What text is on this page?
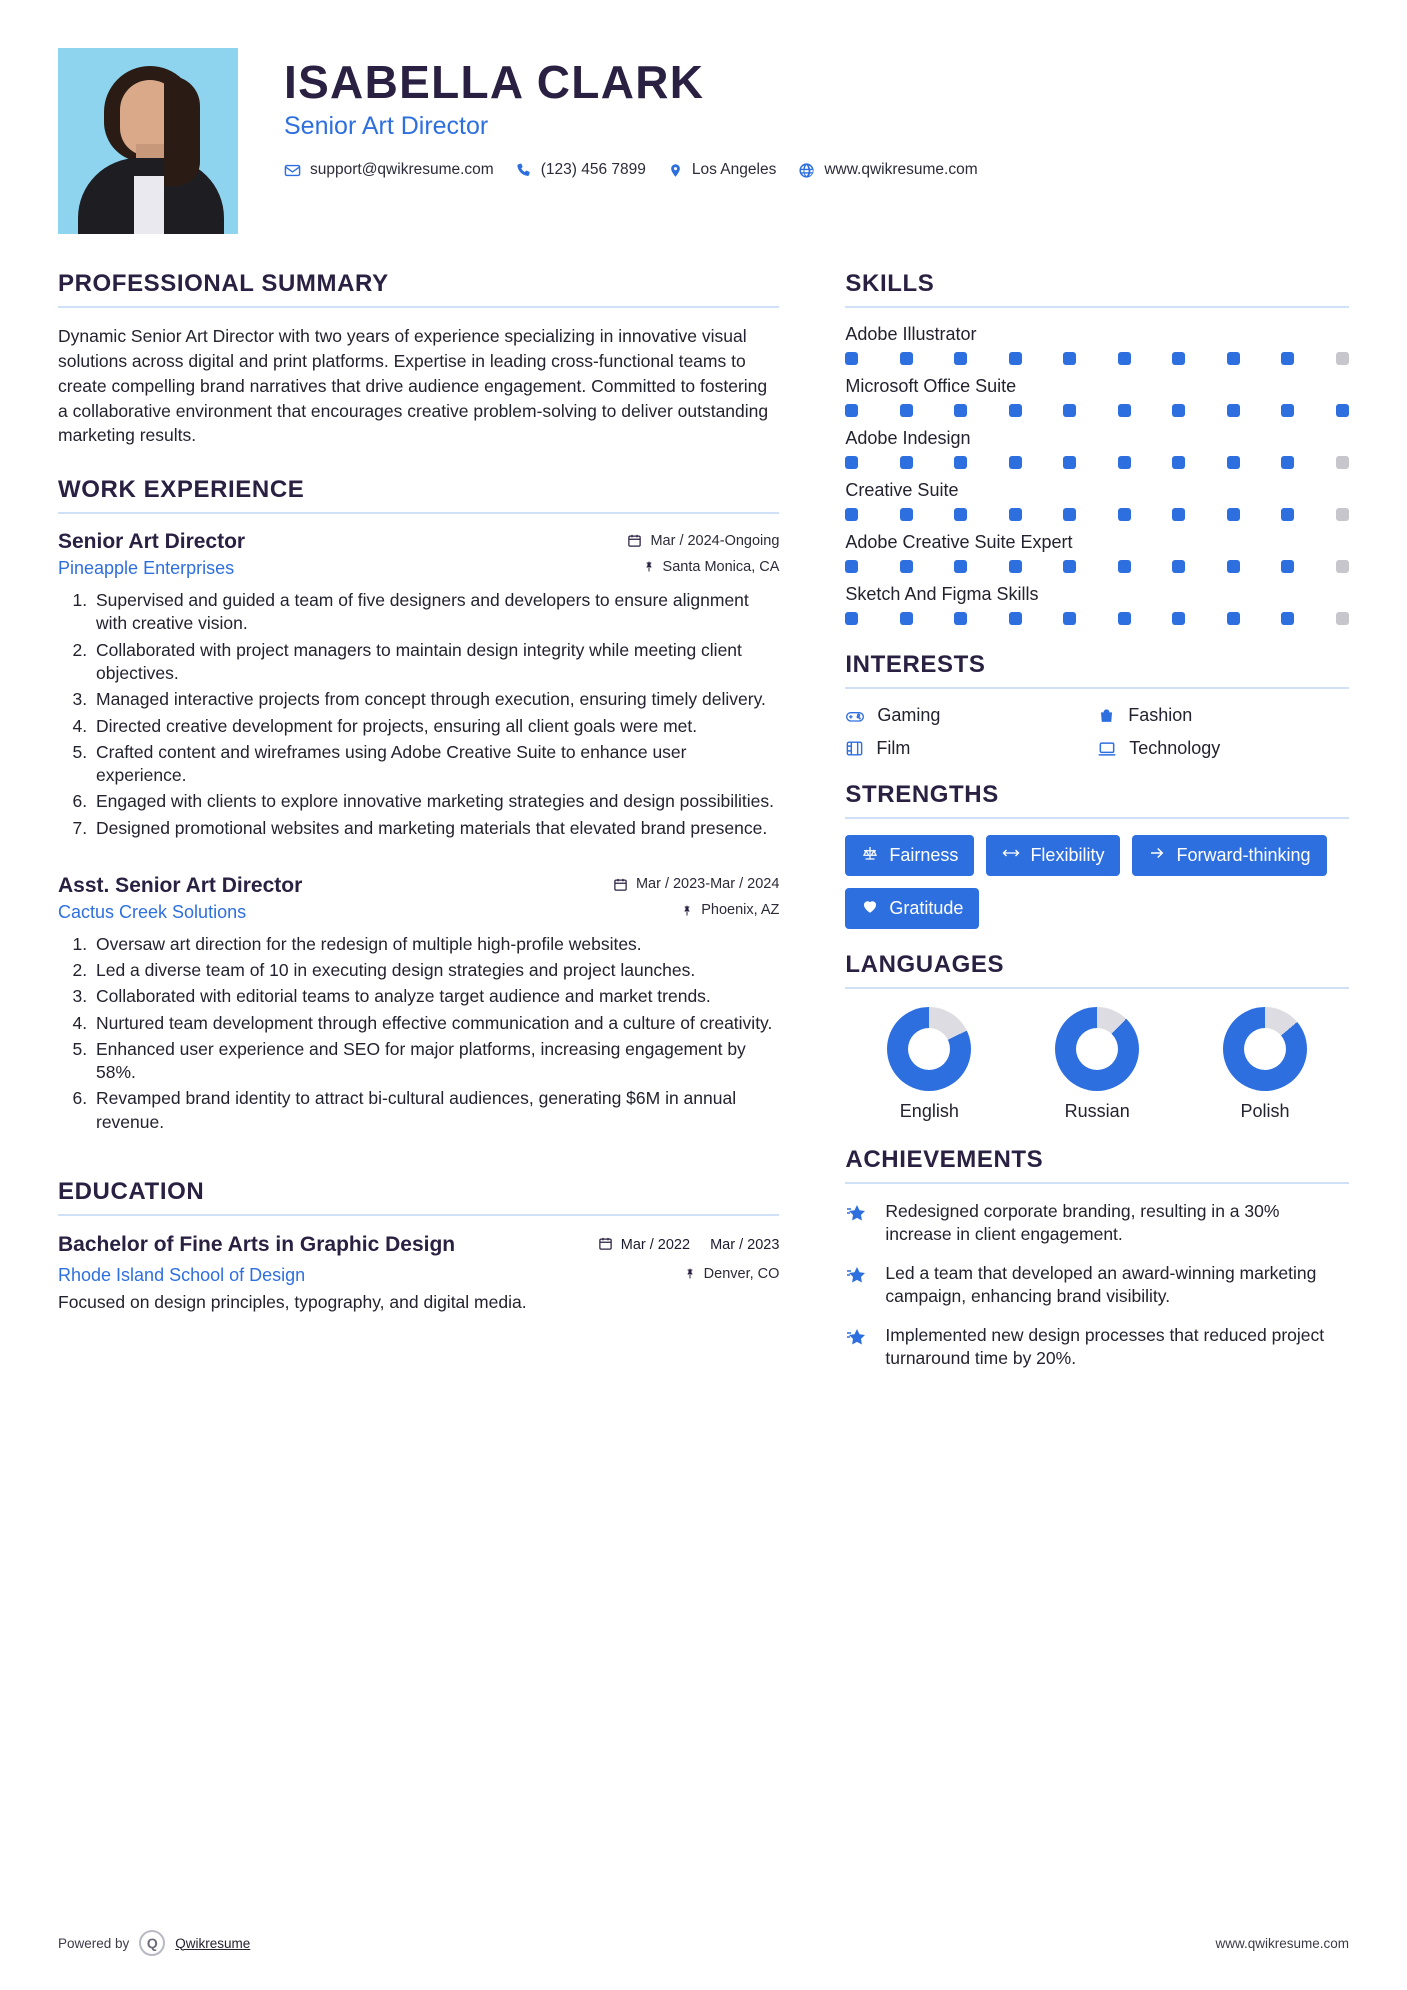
ISABELLA CLARK
Senior Art Director
support@qwikresume.com	(123) 456 7899	Los Angeles	www.qwikresume.com
PROFESSIONAL SUMMARY

Dynamic Senior Art Director with two years of experience specializing in innovative visual solutions across digital and print platforms. Expertise in leading cross-functional teams to create compelling brand narratives that drive audience engagement. Committed to fostering a collaborative environment that encourages creative problem-solving to deliver outstanding marketing results.

WORK EXPERIENCE
Senior Art Director	Mar / 2024-Ongoing
Pineapple Enterprises	Santa Monica, CA
1. Supervised and guided a team of five designers and developers to ensure alignment with creative vision.
2. Collaborated with project managers to maintain design integrity while meeting client objectives.
3. Managed interactive projects from concept through execution, ensuring timely delivery.
4. Directed creative development for projects, ensuring all client goals were met.
5. Crafted content and wireframes using Adobe Creative Suite to enhance user experience.
6. Engaged with clients to explore innovative marketing strategies and design possibilities.
7. Designed promotional websites and marketing materials that elevated brand presence.
Asst. Senior Art Director	Mar / 2023-Mar / 2024
Cactus Creek Solutions	Phoenix, AZ
1. Oversaw art direction for the redesign of multiple high-profile websites.
2. Led a diverse team of 10 in executing design strategies and project launches.
3. Collaborated with editorial teams to analyze target audience and market trends.
4. Nurtured team development through effective communication and a culture of creativity.
5. Enhanced user experience and SEO for major platforms, increasing engagement by 58%.
6. Revamped brand identity to attract bi-cultural audiences, generating $6M in annual revenue.
EDUCATION
Bachelor of Fine Arts in Graphic Design	Mar / 2022 Mar / 2023
Rhode Island School of Design	Denver, CO
Focused on design principles, typography, and digital media.
SKILLS
Adobe Illustrator
Microsoft Office Suite
Adobe Indesign
Creative Suite
Adobe Creative Suite Expert
Sketch And Figma Skills
INTERESTS
Gaming	Fashion
Film	Technology
STRENGTHS
Fairness	Flexibility	Forward-thinking
Gratitude
LANGUAGES
English	Russian	Polish
ACHIEVEMENTS
Redesigned corporate branding, resulting in a 30% increase in client engagement.
Led a team that developed an award-winning marketing campaign, enhancing brand visibility.
Implemented new design processes that reduced project turnaround time by 20%.
Powered by	Q	Qwikresume	www.qwikresume.com
